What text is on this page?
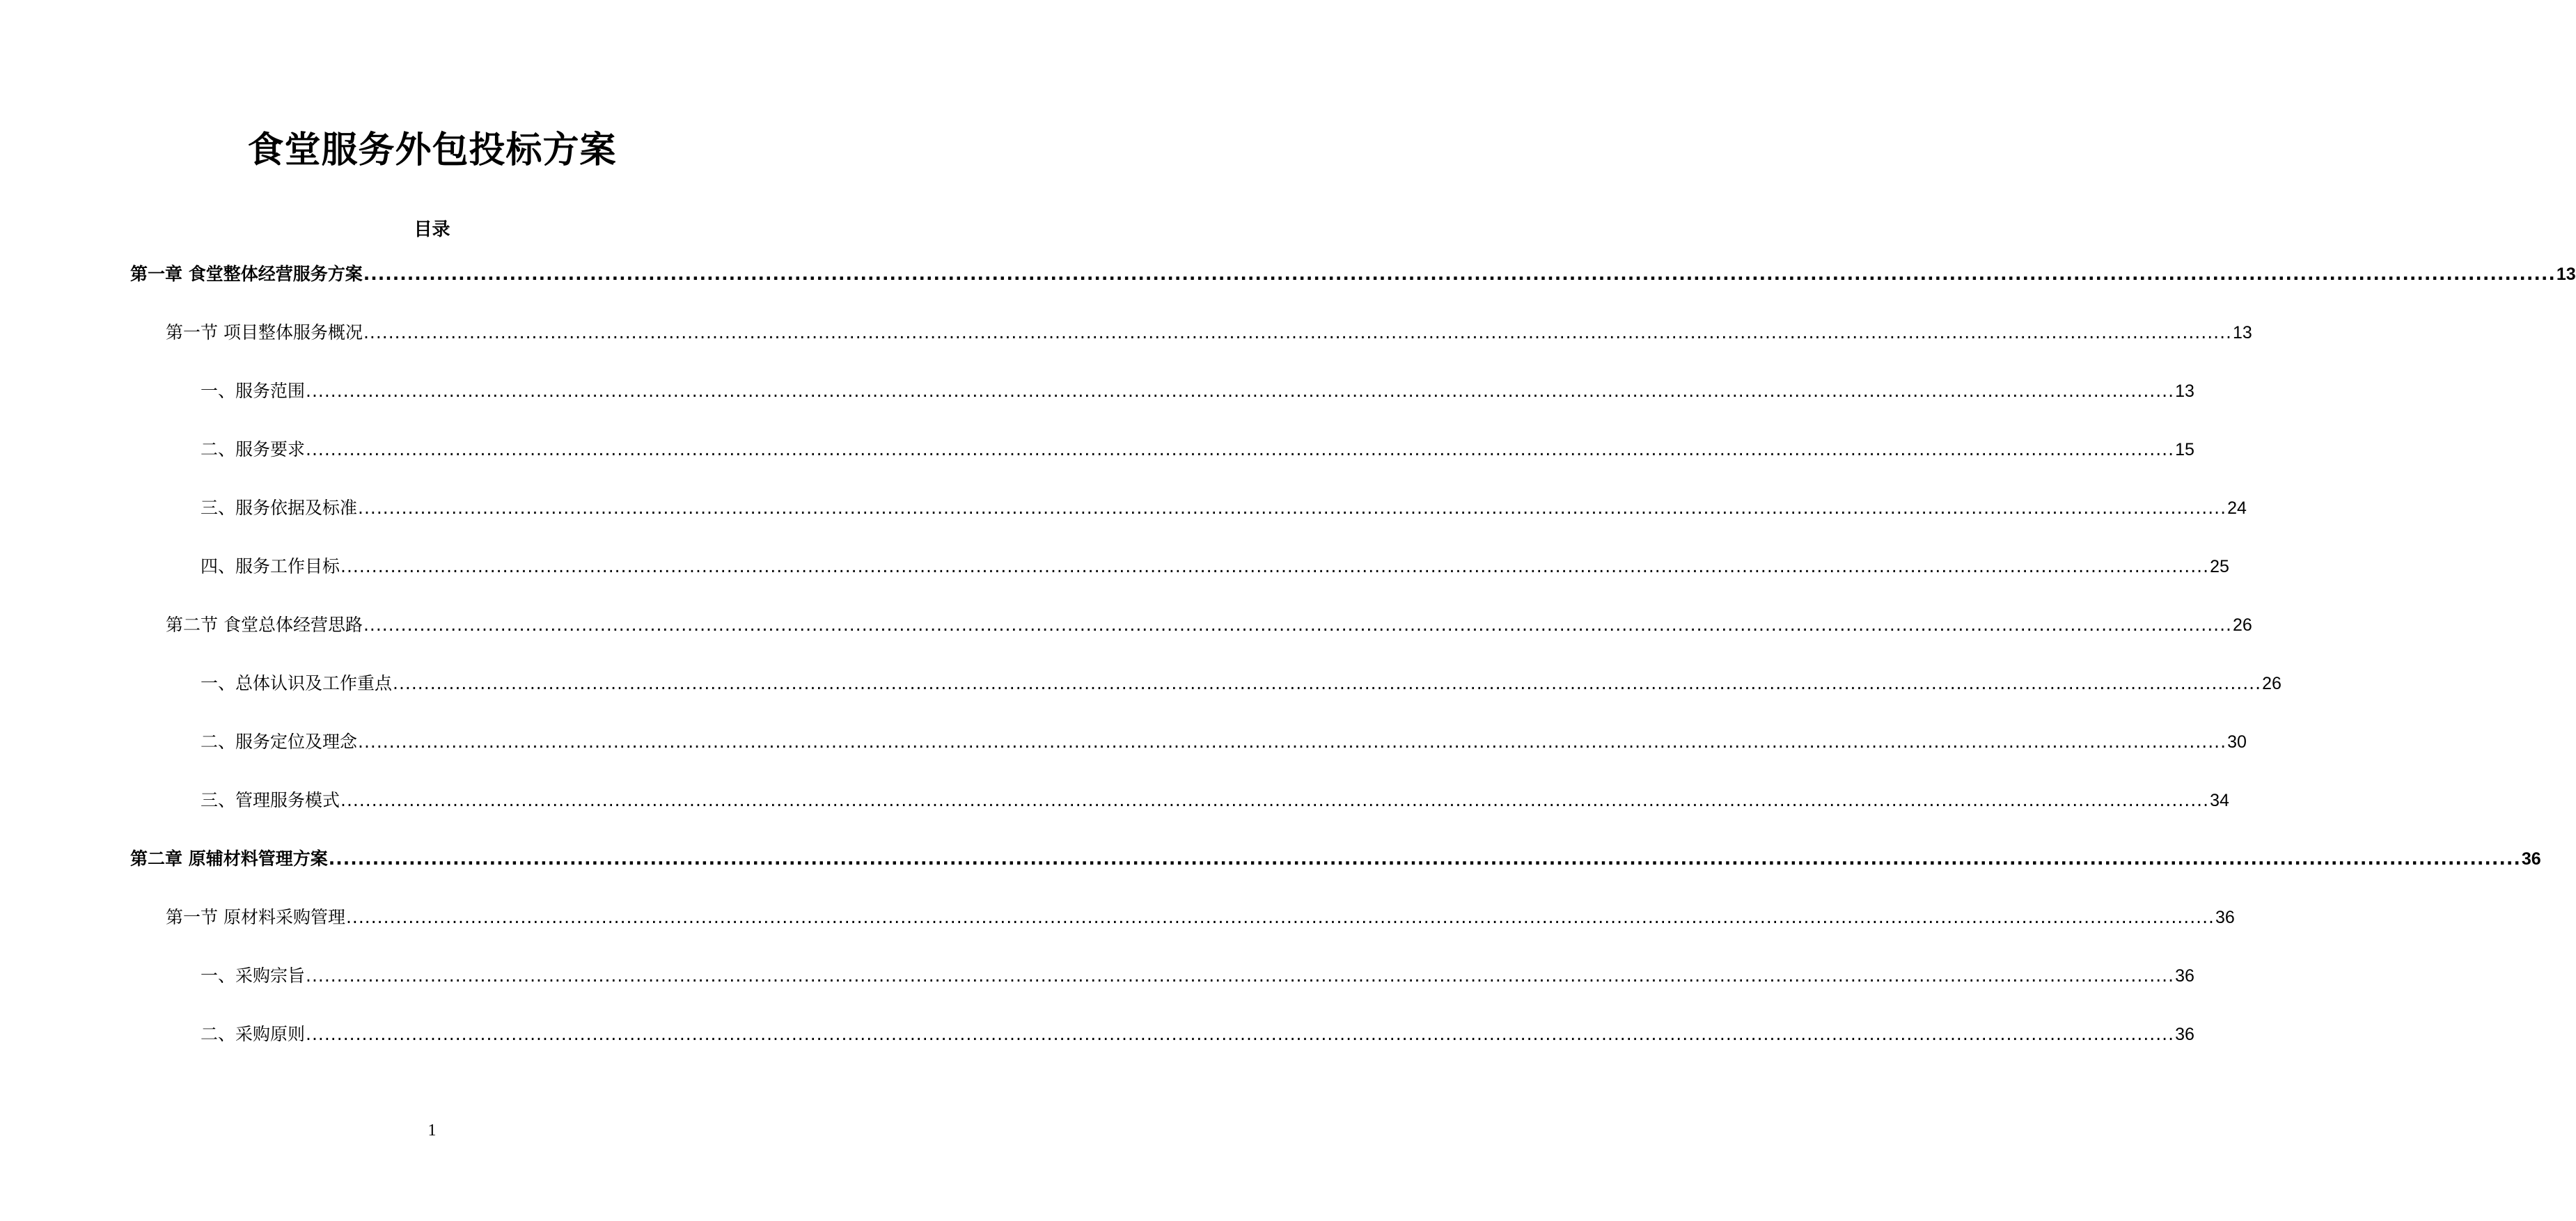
食堂服务外包投标方案
目录
第一章 食堂整体经营服务方案 ............................................................................................................................................................................................................................................................................................................ 13
第一节 项目整体服务概况 ............................................................................................................................................................................................................................................................................................................ 13
一、服务范围 ............................................................................................................................................................................................................................................................................................................ 13
二、服务要求 ............................................................................................................................................................................................................................................................................................................ 15
三、服务依据及标准 ............................................................................................................................................................................................................................................................................................................ 24
四、服务工作目标 ............................................................................................................................................................................................................................................................................................................ 25
第二节 食堂总体经营思路 ............................................................................................................................................................................................................................................................................................................ 26
一、总体认识及工作重点 ............................................................................................................................................................................................................................................................................................................ 26
二、服务定位及理念 ............................................................................................................................................................................................................................................................................................................ 30
三、管理服务模式 ............................................................................................................................................................................................................................................................................................................ 34
第二章 原辅材料管理方案 ............................................................................................................................................................................................................................................................................................................ 36
第一节 原材料采购管理 ............................................................................................................................................................................................................................................................................................................ 36
一、采购宗旨 ............................................................................................................................................................................................................................................................................................................ 36
二、采购原则 ............................................................................................................................................................................................................................................................................................................ 36
1
